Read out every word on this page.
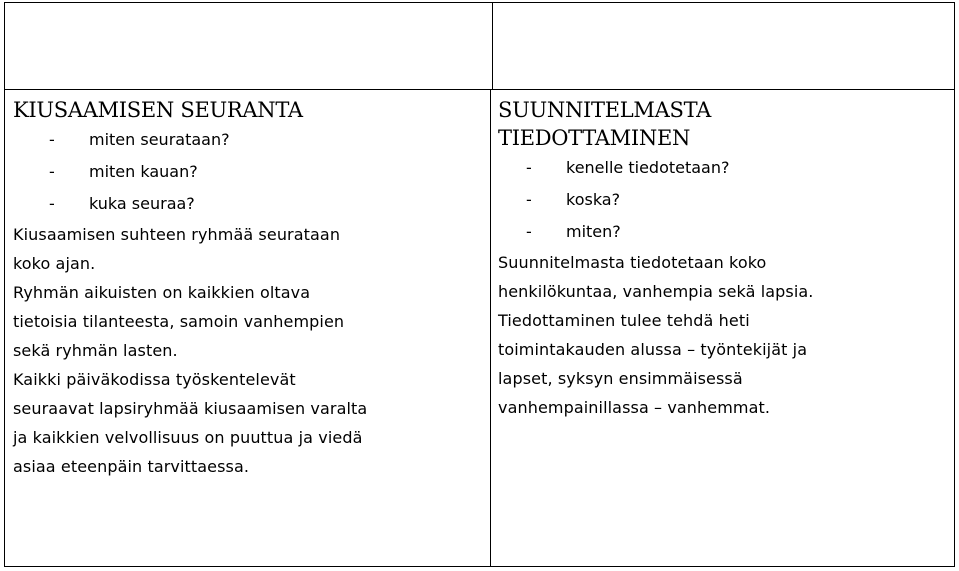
KIUSAAMISEN SEURANTA
- miten seurataan?
- miten kauan?
- kuka seuraa?

Kiusaamisen suhteen ryhmää seurataan
koko ajan.
Ryhmän aikuisten on kaikkien oltava
tietoisia tilanteesta, samoin vanhempien
sekä ryhmän lasten.

Kaikki päiväkodissa työskentelevät
seuraavat lapsiryhmää kiusaamisen varalta
ja kaikkien velvollisuus on puuttua ja viedä
asiaa eteenpäin tarvittaessa.

SUUNNITELMASTA
TIEDOTTAMINEN
- kenelle tiedotetaan?
- koska?
- miten?

Suunnitelmasta tiedotetaan koko
henkilökuntaa, vanhempia sekä lapsia.

Tiedottaminen tulee tehdä heti
toimintakauden alussa – työntekijät ja
lapset, syksyn ensimmäisessä
vanhempainillassa – vanhemmat.
